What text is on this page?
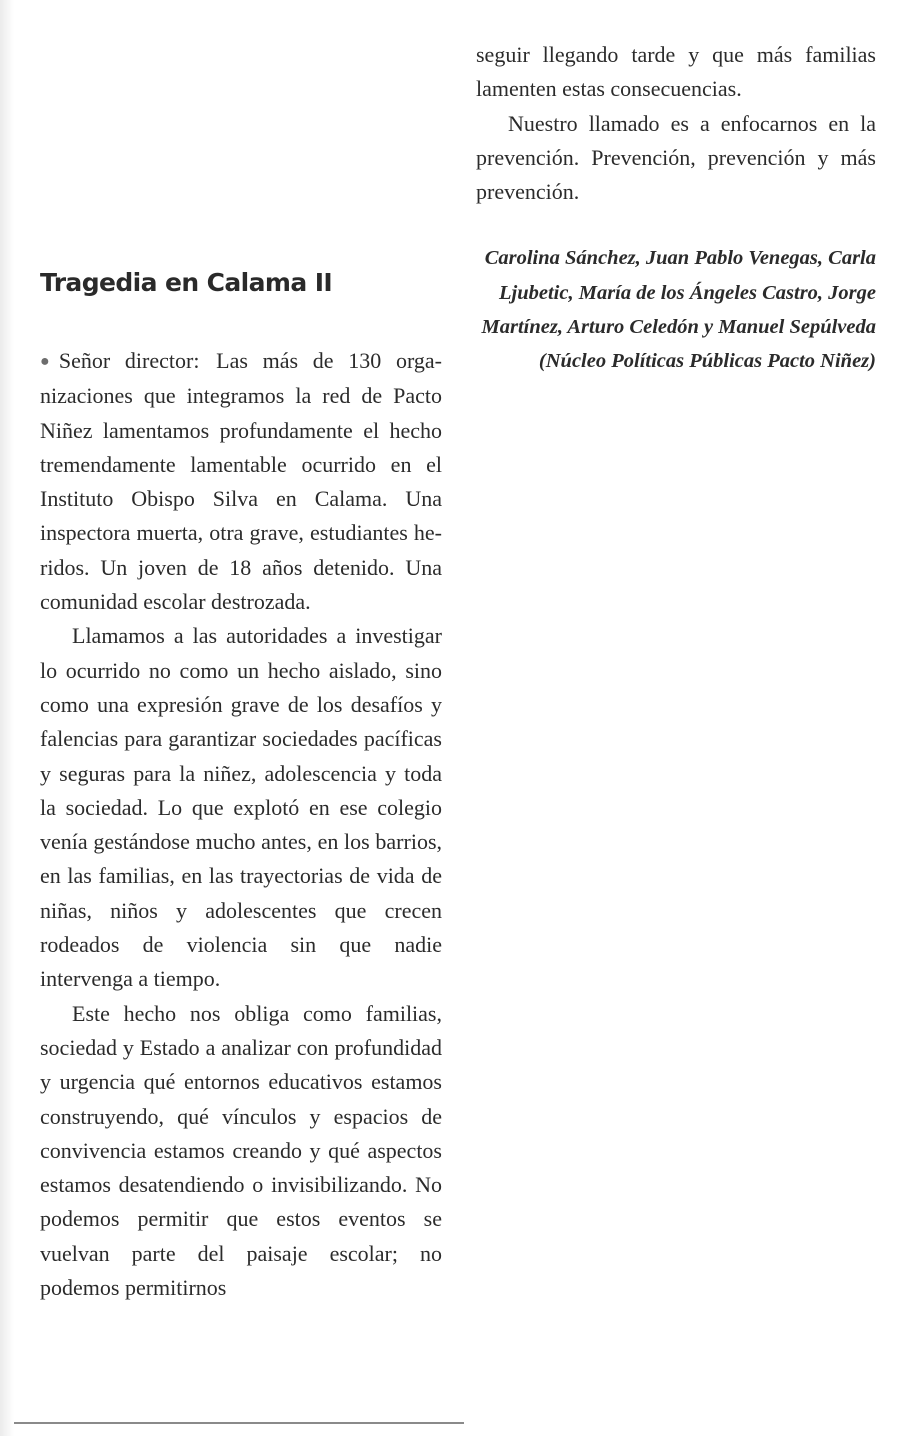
Tragedia en Calama II

●Señor director: Las más de 130 organizaciones que integramos la red de Pacto Niñez lamentamos profundamente el hecho tremendamente lamentable ocurrido en el Instituto Obispo Silva en Calama. Una inspectora muerta, otra grave, estudiantes heridos. Un joven de 18 años detenido. Una comunidad escolar destrozada.

Llamamos a las autoridades a investigar lo ocurrido no como un hecho aislado, sino como una expresión grave de los desafíos y falencias para garantizar sociedades pacíficas y seguras para la niñez, adolescencia y toda la sociedad. Lo que explotó en ese colegio venía gestándose mucho antes, en los barrios, en las familias, en las trayectorias de vida de niñas, niños y adolescentes que crecen rodeados de violencia sin que nadie intervenga a tiempo.

Este hecho nos obliga como familias, sociedad y Estado a analizar con profundidad y urgencia qué entornos educativos estamos construyendo, qué vínculos y espacios de convivencia estamos creando y qué aspectos estamos desatendiendo o invisibilizando. No podemos permitir que estos eventos se vuelvan parte del paisaje escolar; no podemos permitirnos

seguir llegando tarde y que más familias lamenten estas consecuencias.

Nuestro llamado es a enfocarnos en la prevención. Prevención, prevención y más prevención.

Carolina Sánchez, Juan Pablo Venegas, Carla Ljubetic, María de los Ángeles Castro, Jorge Martínez, Arturo Celedón y Manuel Sepúlveda (Núcleo Políticas Públicas Pacto Niñez)
